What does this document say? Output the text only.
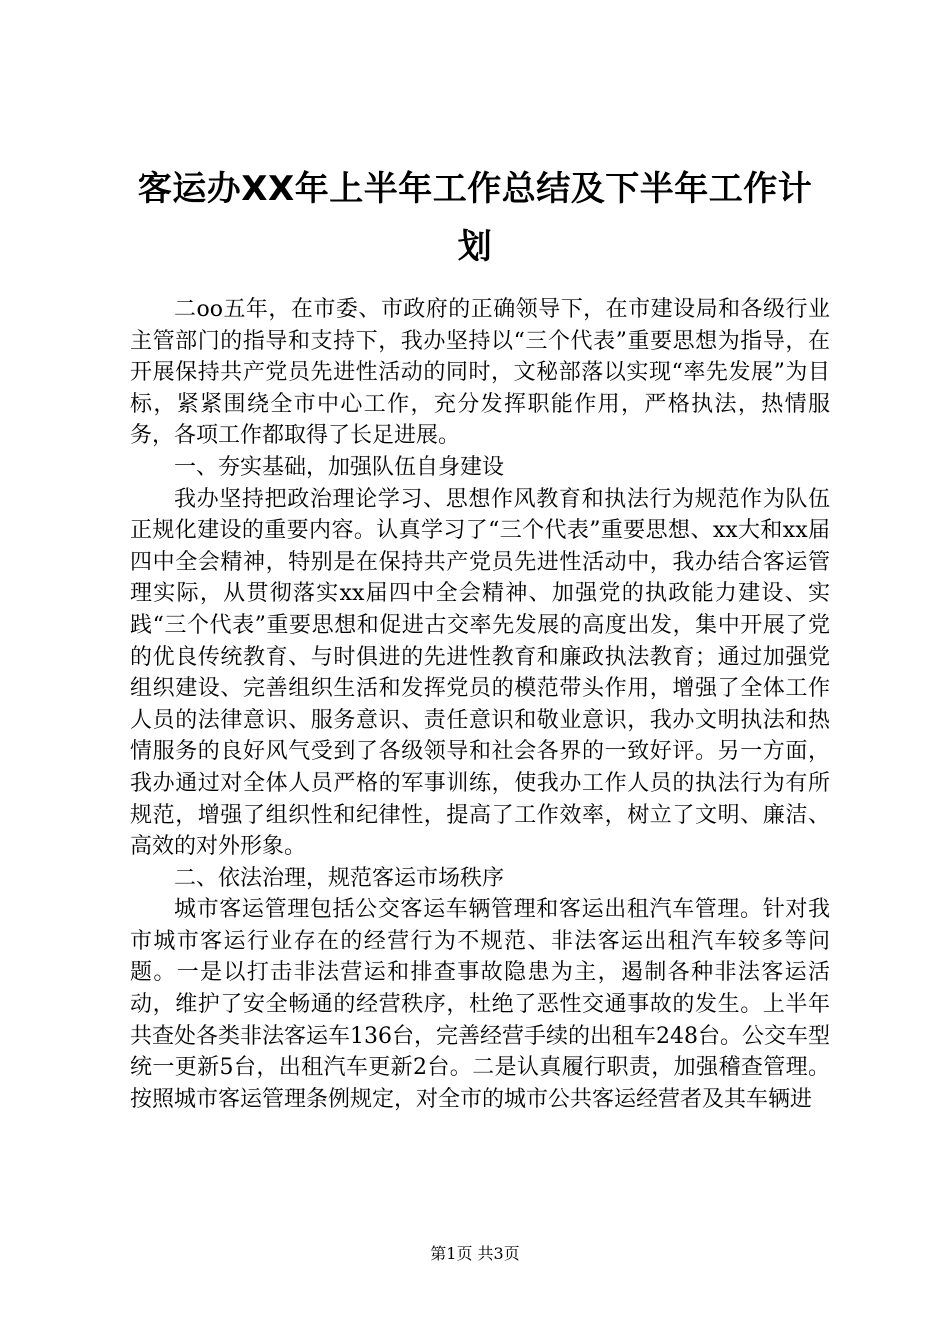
客运办XX年上半年工作总结及下半年工作计划

二oo五年，在市委、市政府的正确领导下，在市建设局和各级行业主管部门的指导和支持下，我办坚持以“三个代表”重要思想为指导，在开展保持共产党员先进性活动的同时，文秘部落以实现“率先发展”为目标，紧紧围绕全市中心工作，充分发挥职能作用，严格执法，热情服务，各项工作都取得了长足进展。

一、夯实基础，加强队伍自身建设

我办坚持把政治理论学习、思想作风教育和执法行为规范作为队伍正规化建设的重要内容。认真学习了“三个代表”重要思想、xx大和xx届四中全会精神，特别是在保持共产党员先进性活动中，我办结合客运管理实际，从贯彻落实xx届四中全会精神、加强党的执政能力建设、实践“三个代表”重要思想和促进古交率先发展的高度出发，集中开展了党的优良传统教育、与时俱进的先进性教育和廉政执法教育；通过加强党组织建设、完善组织生活和发挥党员的模范带头作用，增强了全体工作人员的法律意识、服务意识、责任意识和敬业意识，我办文明执法和热情服务的良好风气受到了各级领导和社会各界的一致好评。另一方面，我办通过对全体人员严格的军事训练，使我办工作人员的执法行为有所规范，增强了组织性和纪律性，提高了工作效率，树立了文明、廉洁、高效的对外形象。

二、依法治理，规范客运市场秩序

城市客运管理包括公交客运车辆管理和客运出租汽车管理。针对我市城市客运行业存在的经营行为不规范、非法客运出租汽车较多等问题。一是以打击非法营运和排查事故隐患为主，遏制各种非法客运活动，维护了安全畅通的经营秩序，杜绝了恶性交通事故的发生。上半年共查处各类非法客运车136台，完善经营手续的出租车248台。公交车型统一更新5台，出租汽车更新2台。二是认真履行职责，加强稽查管理。按照城市客运管理条例规定，对全市的城市公共客运经营者及其车辆进

第1页 共3页
